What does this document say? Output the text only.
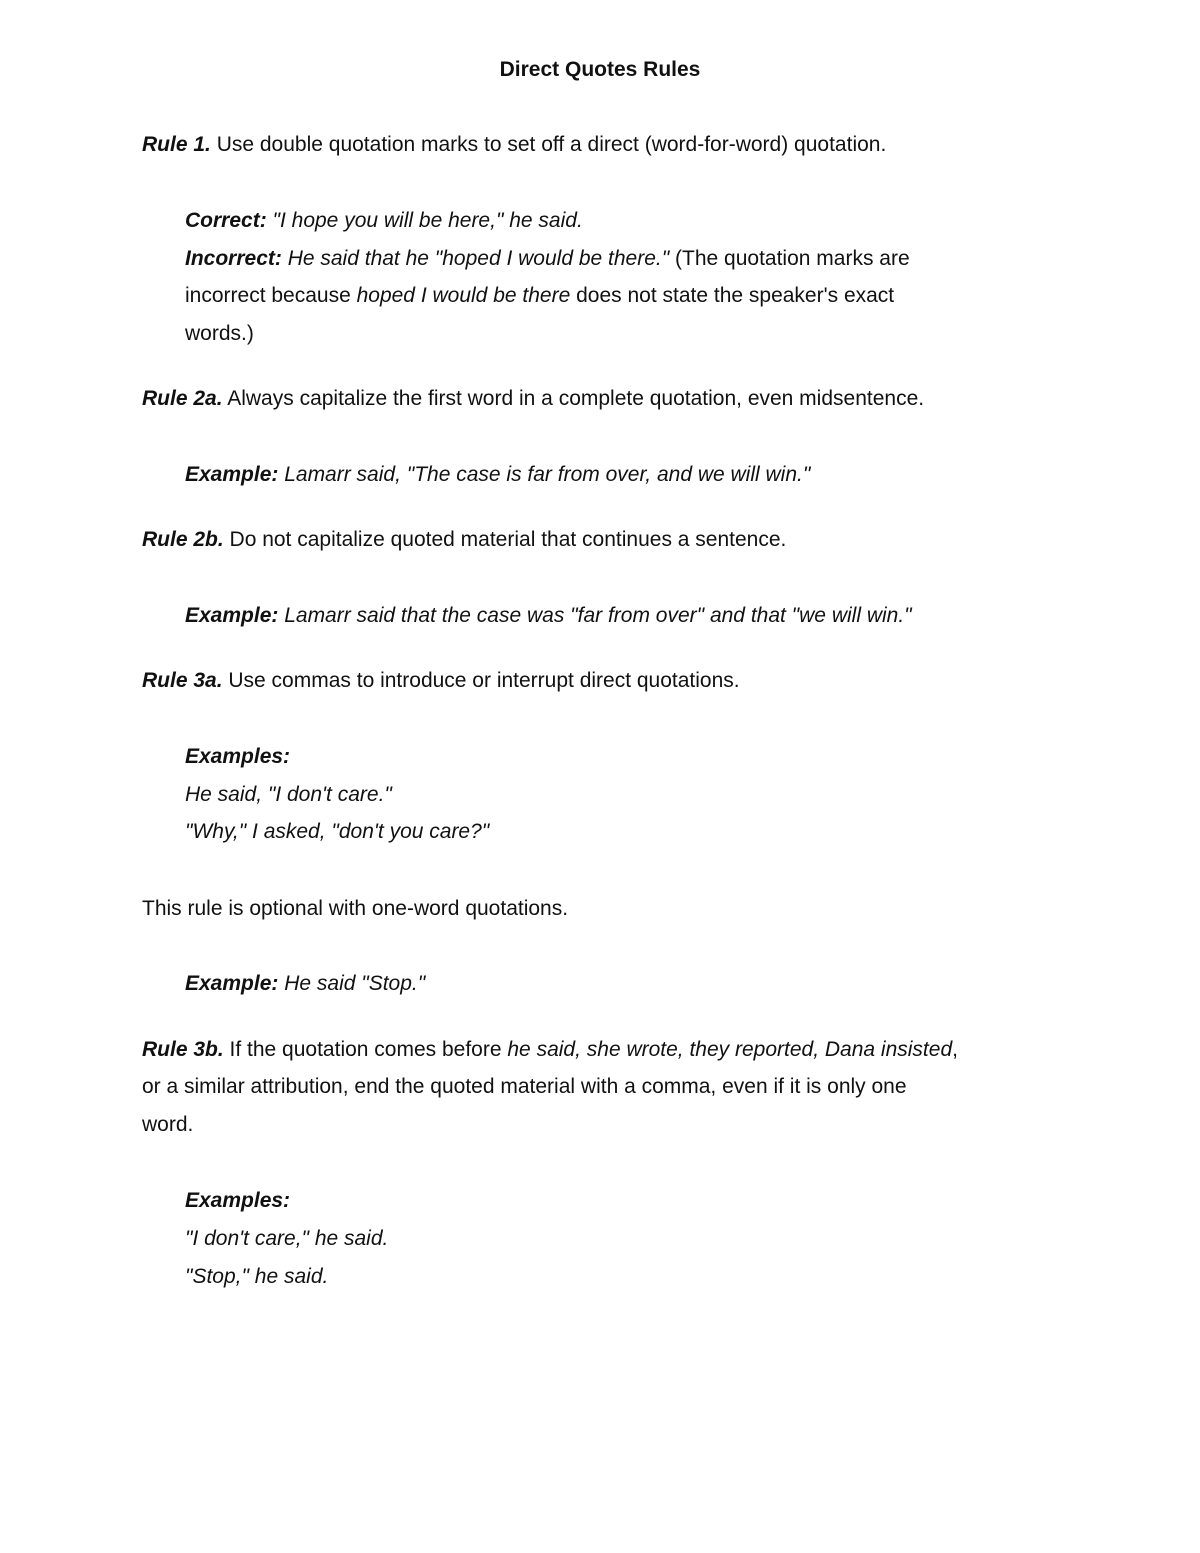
Direct Quotes Rules
Rule 1. Use double quotation marks to set off a direct (word-for-word) quotation.
Correct: "I hope you will be here," he said.
Incorrect: He said that he "hoped I would be there." (The quotation marks are
incorrect because hoped I would be there does not state the speaker's exact
words.)
Rule 2a. Always capitalize the first word in a complete quotation, even midsentence.
Example: Lamarr said, "The case is far from over, and we will win."
Rule 2b. Do not capitalize quoted material that continues a sentence.
Example: Lamarr said that the case was "far from over" and that "we will win."
Rule 3a. Use commas to introduce or interrupt direct quotations.
Examples:
He said, "I don't care."
"Why," I asked, "don't you care?"
This rule is optional with one-word quotations.
Example: He said "Stop."
Rule 3b. If the quotation comes before he said, she wrote, they reported, Dana insisted,
or a similar attribution, end the quoted material with a comma, even if it is only one
word.
Examples:
"I don't care," he said.
"Stop," he said.
